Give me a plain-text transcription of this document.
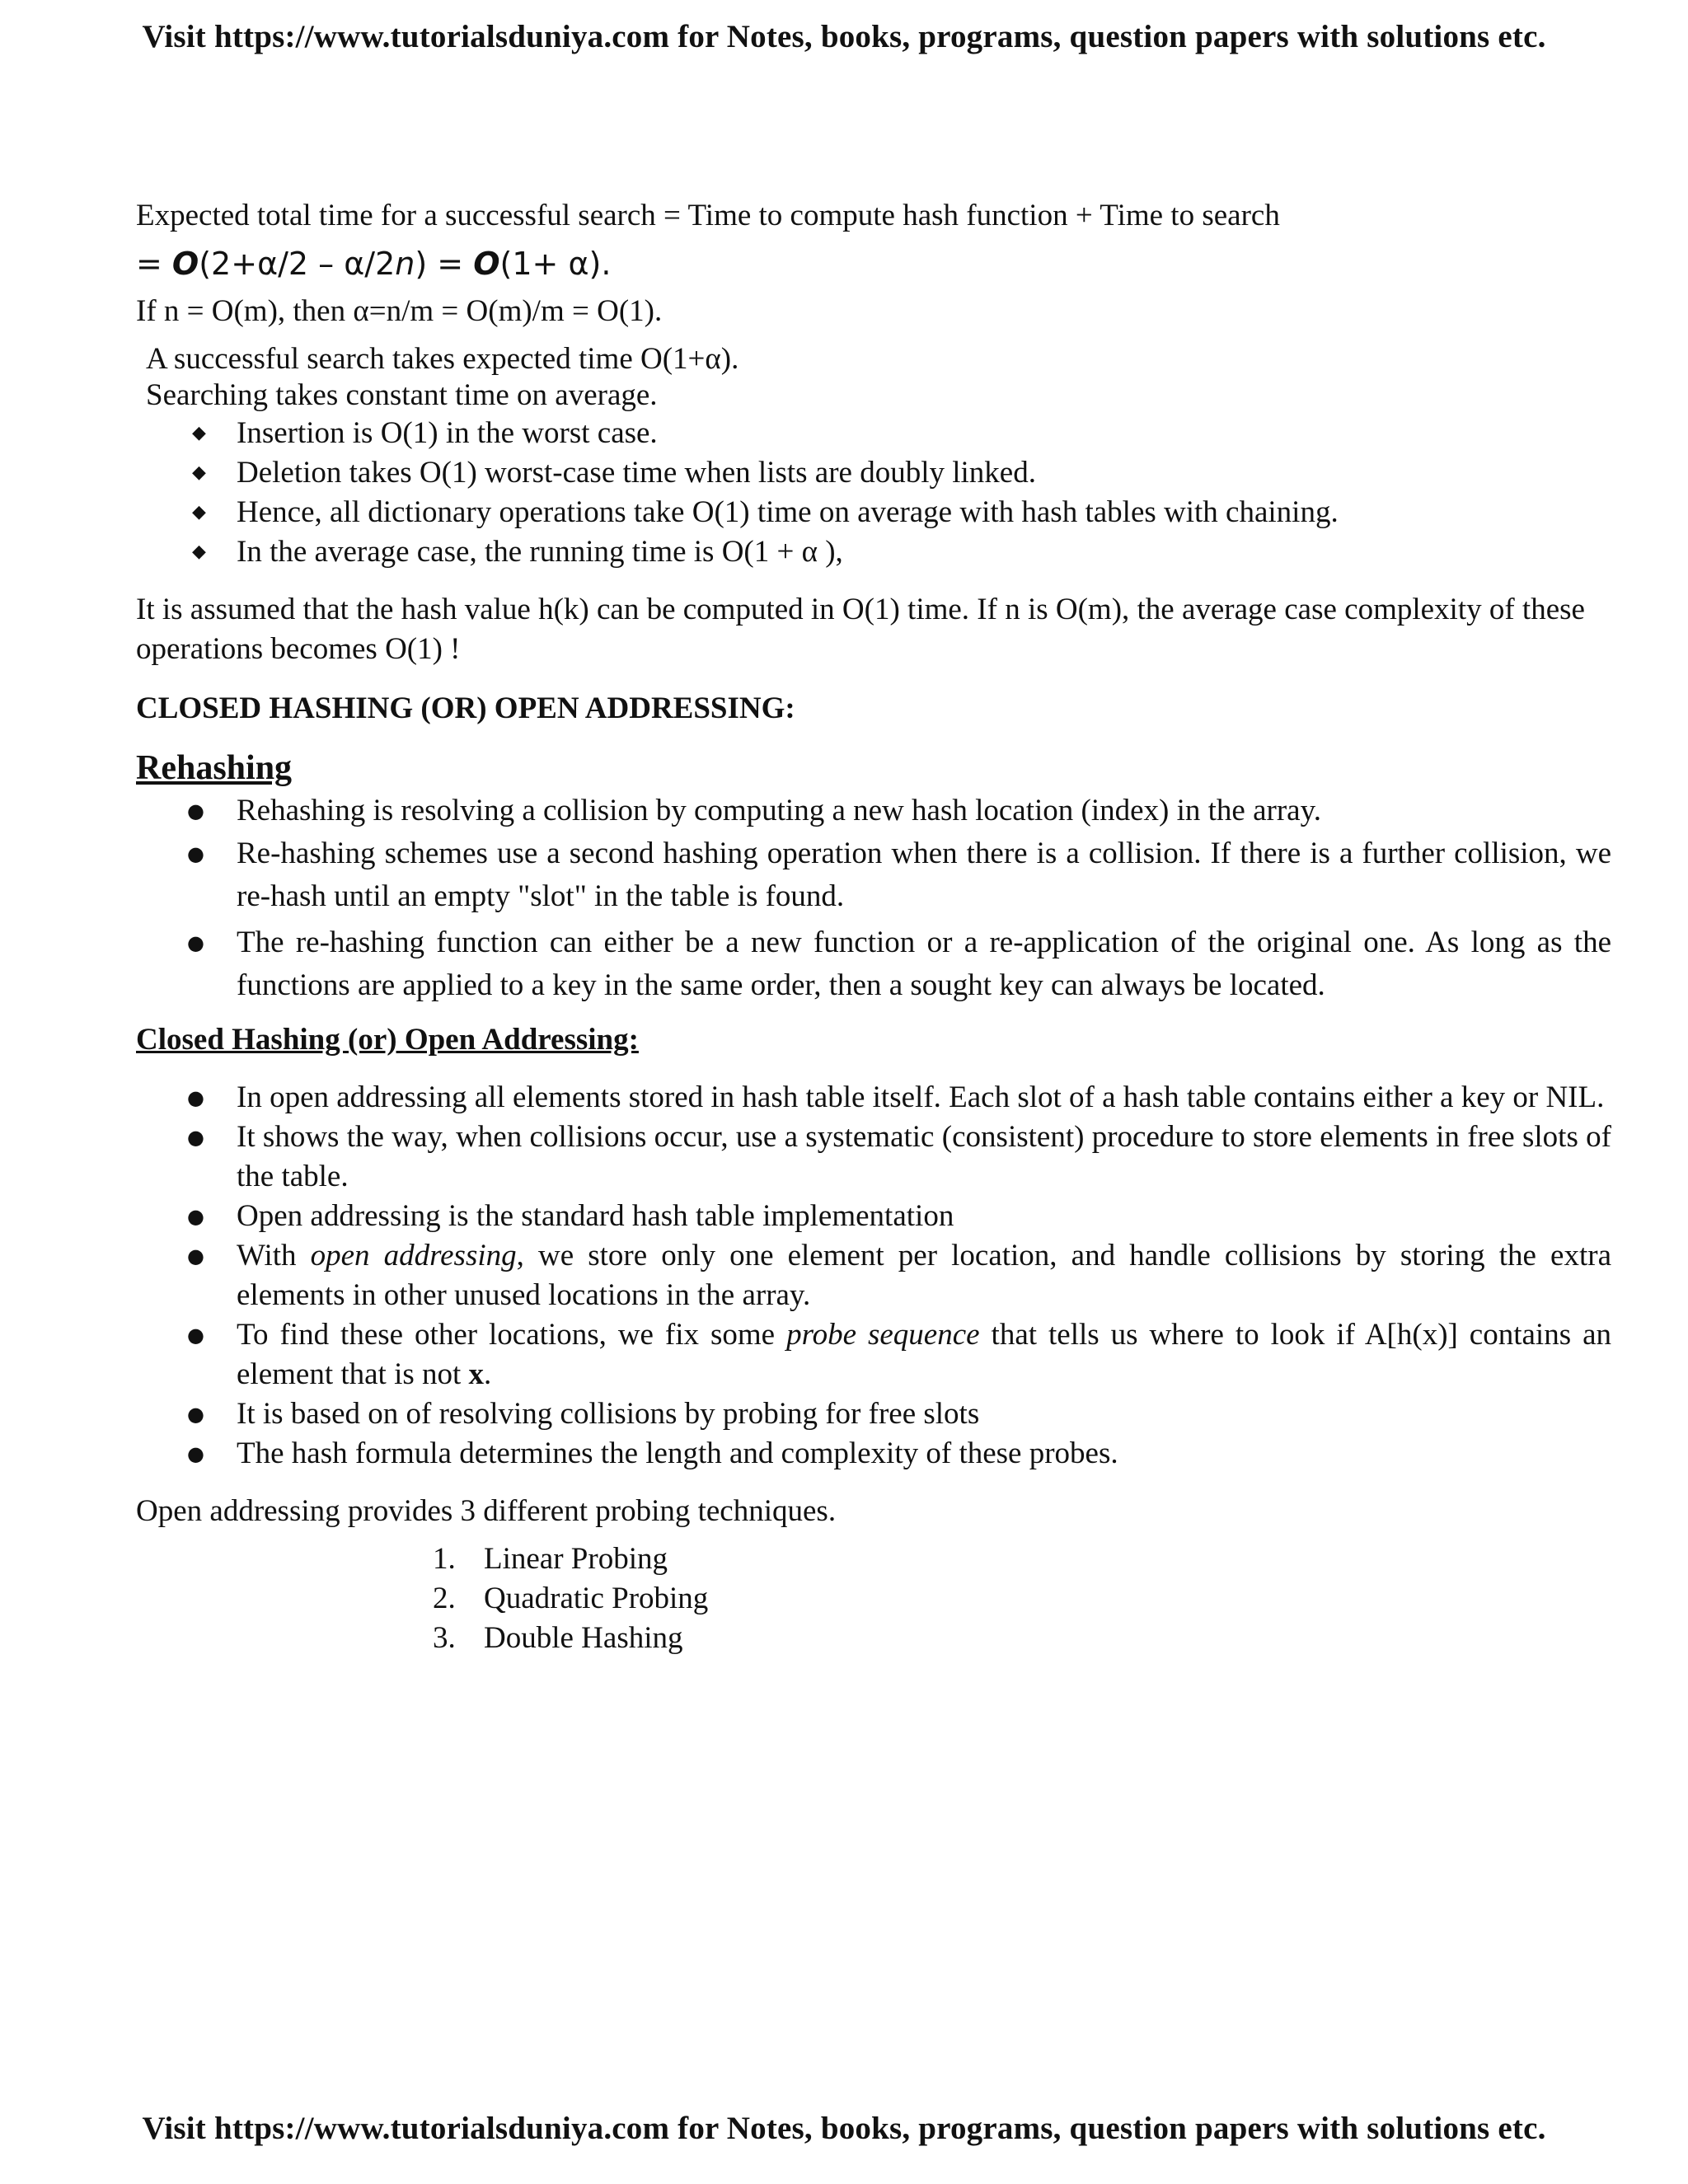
Visit https://www.tutorialsduniya.com for Notes, books, programs, question papers with solutions etc.

Expected total time for a successful search = Time to compute hash function + Time to search

= O(2+α/2 – α/2n) = O(1+ α).

If n = O(m), then α=n/m = O(m)/m = O(1).

A successful search takes expected time O(1+α).

Searching takes constant time on average.

◆ Insertion is O(1) in the worst case.
◆ Deletion takes O(1) worst-case time when lists are doubly linked.
◆ Hence, all dictionary operations take O(1) time on average with hash tables with chaining.
◆ In the average case, the running time is O(1 + α ),

It is assumed that the hash value h(k) can be computed in O(1) time. If n is O(m), the average case complexity of these operations becomes O(1) !

CLOSED HASHING (OR) OPEN ADDRESSING:

Rehashing

● Rehashing is resolving a collision by computing a new hash location (index) in the array.
● Re-hashing schemes use a second hashing operation when there is a collision. If there is a further collision, we re-hash until an empty "slot" in the table is found.
● The re-hashing function can either be a new function or a re-application of the original one. As long as the functions are applied to a key in the same order, then a sought key can always be located.

Closed Hashing (or) Open Addressing:

● In open addressing all elements stored in hash table itself. Each slot of a hash table contains either a key or NIL.
● It shows the way, when collisions occur, use a systematic (consistent) procedure to store elements in free slots of the table.
● Open addressing is the standard hash table implementation
● With open addressing, we store only one element per location, and handle collisions by storing the extra elements in other unused locations in the array.
● To find these other locations, we fix some probe sequence that tells us where to look if A[h(x)] contains an element that is not x.
● It is based on of resolving collisions by probing for free slots
● The hash formula determines the length and complexity of these probes.

Open addressing provides 3 different probing techniques.

1. Linear Probing
2. Quadratic Probing
3. Double Hashing
Visit https://www.tutorialsduniya.com for Notes, books, programs, question papers with solutions etc.
